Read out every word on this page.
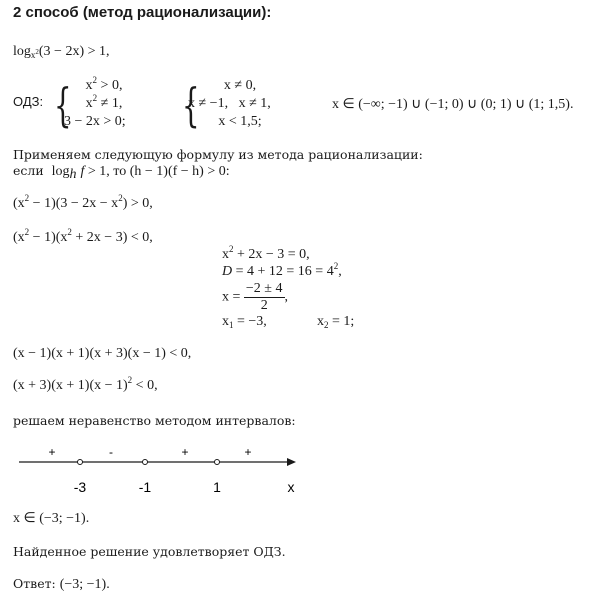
2 способ (метод рационализации):
$\log_{x^2}(3 - 2x) > 1$,
ОДЗ: { $x^2 > 0$,
$x^2 \ne 1$,
3 − 2x > 0; {	x ≠ 0,
x ≠ −1,   x ≠ 1,
x < 1,5;
x ∈ (−∞; −1) ∪ (−1; 0) ∪ (0; 1) ∪ (1; 1,5).
Применяем следующую формулу из метода рационализации:
если $\log_h f > 1$, то (h − 1)(f − h) > 0:
$(x^2 - 1)(3 - 2x - x^2) > 0$,
$(x^2 - 1)(x^2 + 2x - 3) < 0$,
$x^2 + 2x - 3 = 0$,
$D = 4 + 12 = 16 = 4^2$,
$x = \frac{-2 \pm 4}{2}$ ,
$x_1 = -3$,	$x_2 = 1$;
(x − 1)(x + 1)(x + 3)(x − 1) < 0,
$(x + 3)(x + 1)(x - 1)^2 < 0$,
решаем неравенство методом интервалов:
-3	-1	1
+	-	+	+
x
x ∈ (−3; −1).
Найденное решение удовлетворяет ОДЗ.
Ответ: (−3; −1).
